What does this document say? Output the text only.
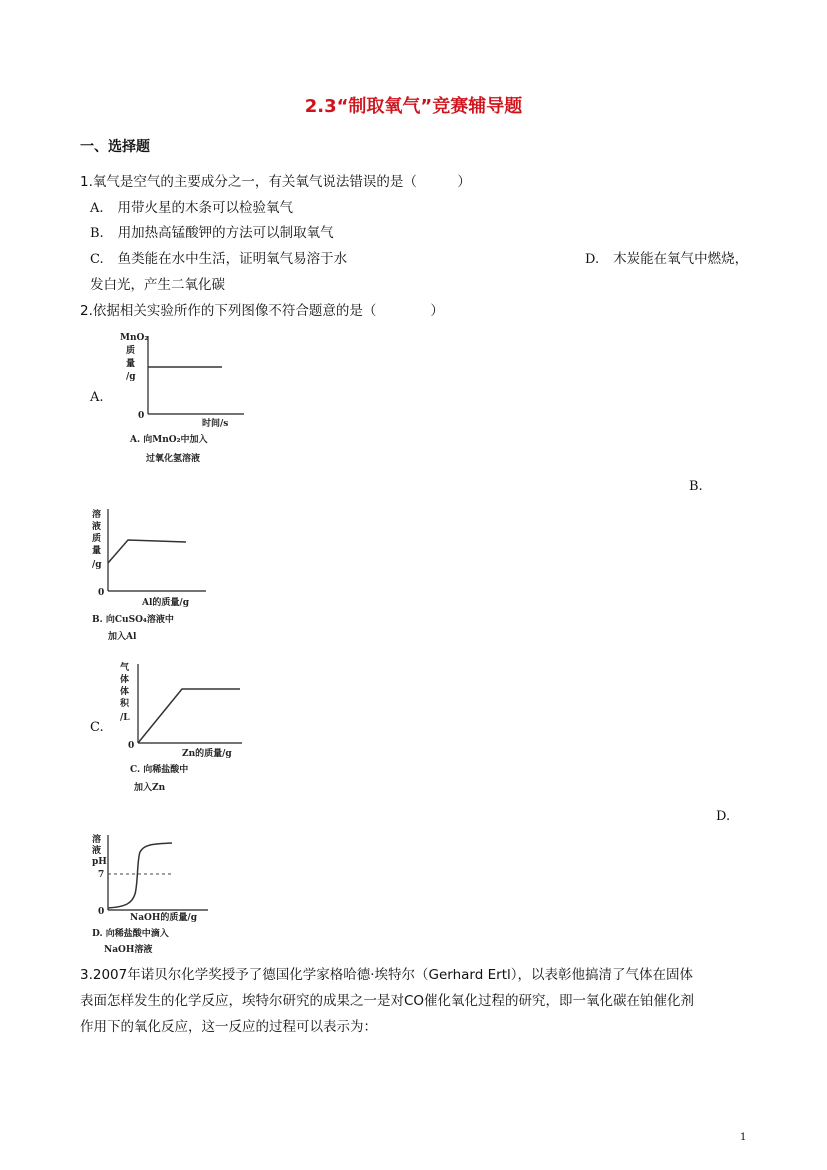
2.3“制取氧气”竞赛辅导题
一、选择题
1.氧气是空气的主要成分之一，有关氧气说法错误的是（　　　）
A. 用带火星的木条可以检验氧气
B. 用加热高锰酸钾的方法可以制取氧气
C. 鱼类能在水中生活，证明氧气易溶于水	D. 木炭能在氧气中燃烧，
发白光，产生二氧化碳
2.依据相关实验所作的下列图像不符合题意的是（　　　　）
A.
MnO₂
质
量
/g
0
时间/s
A. 向MnO₂中加入
过氧化氢溶液
B.
溶
液
质
量
/g
0
Al的质量/g
B. 向CuSO₄溶液中
加入Al
C.
气
体
体
积
/L
0
Zn的质量/g
C. 向稀盐酸中
加入Zn
D.
溶
液
pH
7
0
NaOH的质量/g
D. 向稀盐酸中滴入
NaOH溶液
3.2007年诺贝尔化学奖授予了德国化学家格哈德·埃特尔（Gerhard Ertl），以表彰他搞清了气体在固体
表面怎样发生的化学反应，埃特尔研究的成果之一是对CO催化氧化过程的研究，即一氧化碳在铂催化剂
作用下的氧化反应，这一反应的过程可以表示为：
1
